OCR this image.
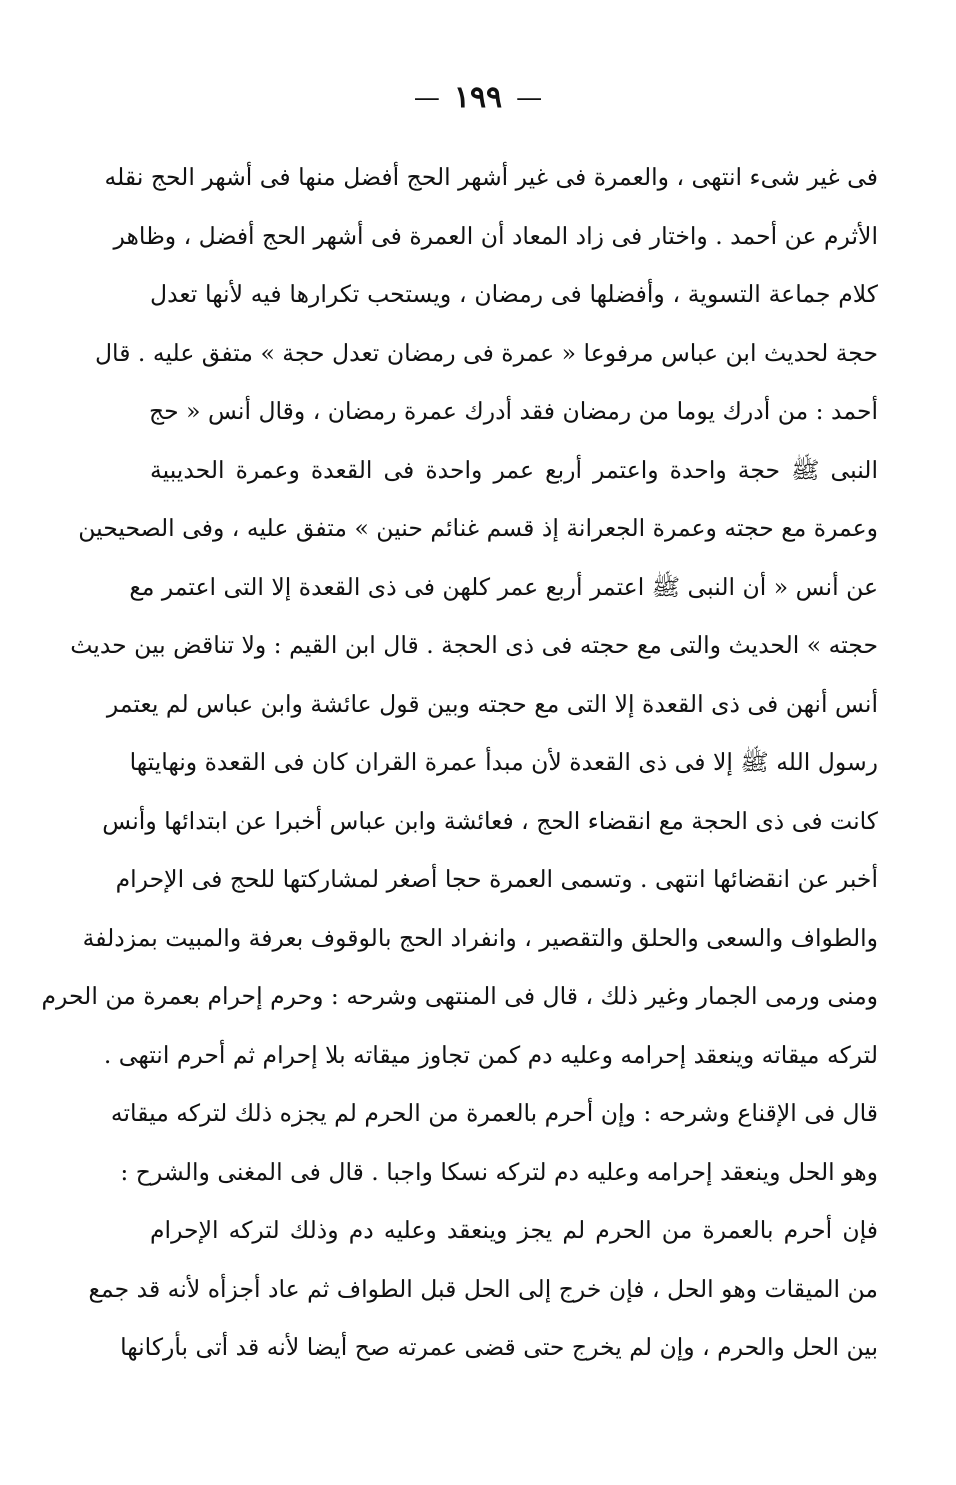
—
١٩٩
—
فى غير شىء انتهى ، والعمرة فى غير أشهر الحج أفضل منها فى أشهر الحج نقله
الأثرم عن أحمد . واختار فى زاد المعاد أن العمرة فى أشهر الحج أفضل ، وظاهر
كلام جماعة التسوية ، وأفضلها فى رمضان ، ويستحب تكرارها فيه لأنها تعدل
حجة لحديث ابن عباس مرفوعا « عمرة فى رمضان تعدل حجة » متفق عليه . قال
أحمد : من أدرك يوما من رمضان فقد أدرك عمرة رمضان ، وقال أنس « حج
النبى ﷺ حجة واحدة واعتمر أربع عمر واحدة فى القعدة وعمرة الحديبية
وعمرة مع حجته وعمرة الجعرانة إذ قسم غنائم حنين » متفق عليه ، وفى الصحيحين
عن أنس « أن النبى ﷺ اعتمر أربع عمر كلهن فى ذى القعدة إلا التى اعتمر مع
حجته » الحديث والتى مع حجته فى ذى الحجة . قال ابن القيم : ولا تناقض بين حديث
أنس أنهن فى ذى القعدة إلا التى مع حجته وبين قول عائشة وابن عباس لم يعتمر
رسول الله ﷺ إلا فى ذى القعدة لأن مبدأ عمرة القران كان فى القعدة ونهايتها
كانت فى ذى الحجة مع انقضاء الحج ، فعائشة وابن عباس أخبرا عن ابتدائها وأنس
أخبر عن انقضائها انتهى . وتسمى العمرة حجا أصغر لمشاركتها للحج فى الإحرام
والطواف والسعى والحلق والتقصير ، وانفراد الحج بالوقوف بعرفة والمبيت بمزدلفة
ومنى ورمى الجمار وغير ذلك ، قال فى المنتهى وشرحه : وحرم إحرام بعمرة من الحرم
لتركه ميقاته وينعقد إحرامه وعليه دم كمن تجاوز ميقاته بلا إحرام ثم أحرم انتهى .
قال فى الإقناع وشرحه : وإن أحرم بالعمرة من الحرم لم يجزه ذلك لتركه ميقاته
وهو الحل وينعقد إحرامه وعليه دم لتركه نسكا واجبا . قال فى المغنى والشرح :
فإن أحرم بالعمرة من الحرم لم يجز وينعقد وعليه دم وذلك لتركه الإحرام
من الميقات وهو الحل ، فإن خرج إلى الحل قبل الطواف ثم عاد أجزأه لأنه قد جمع
بين الحل والحرم ، وإن لم يخرج حتى قضى عمرته صح أيضا لأنه قد أتى بأركانها
